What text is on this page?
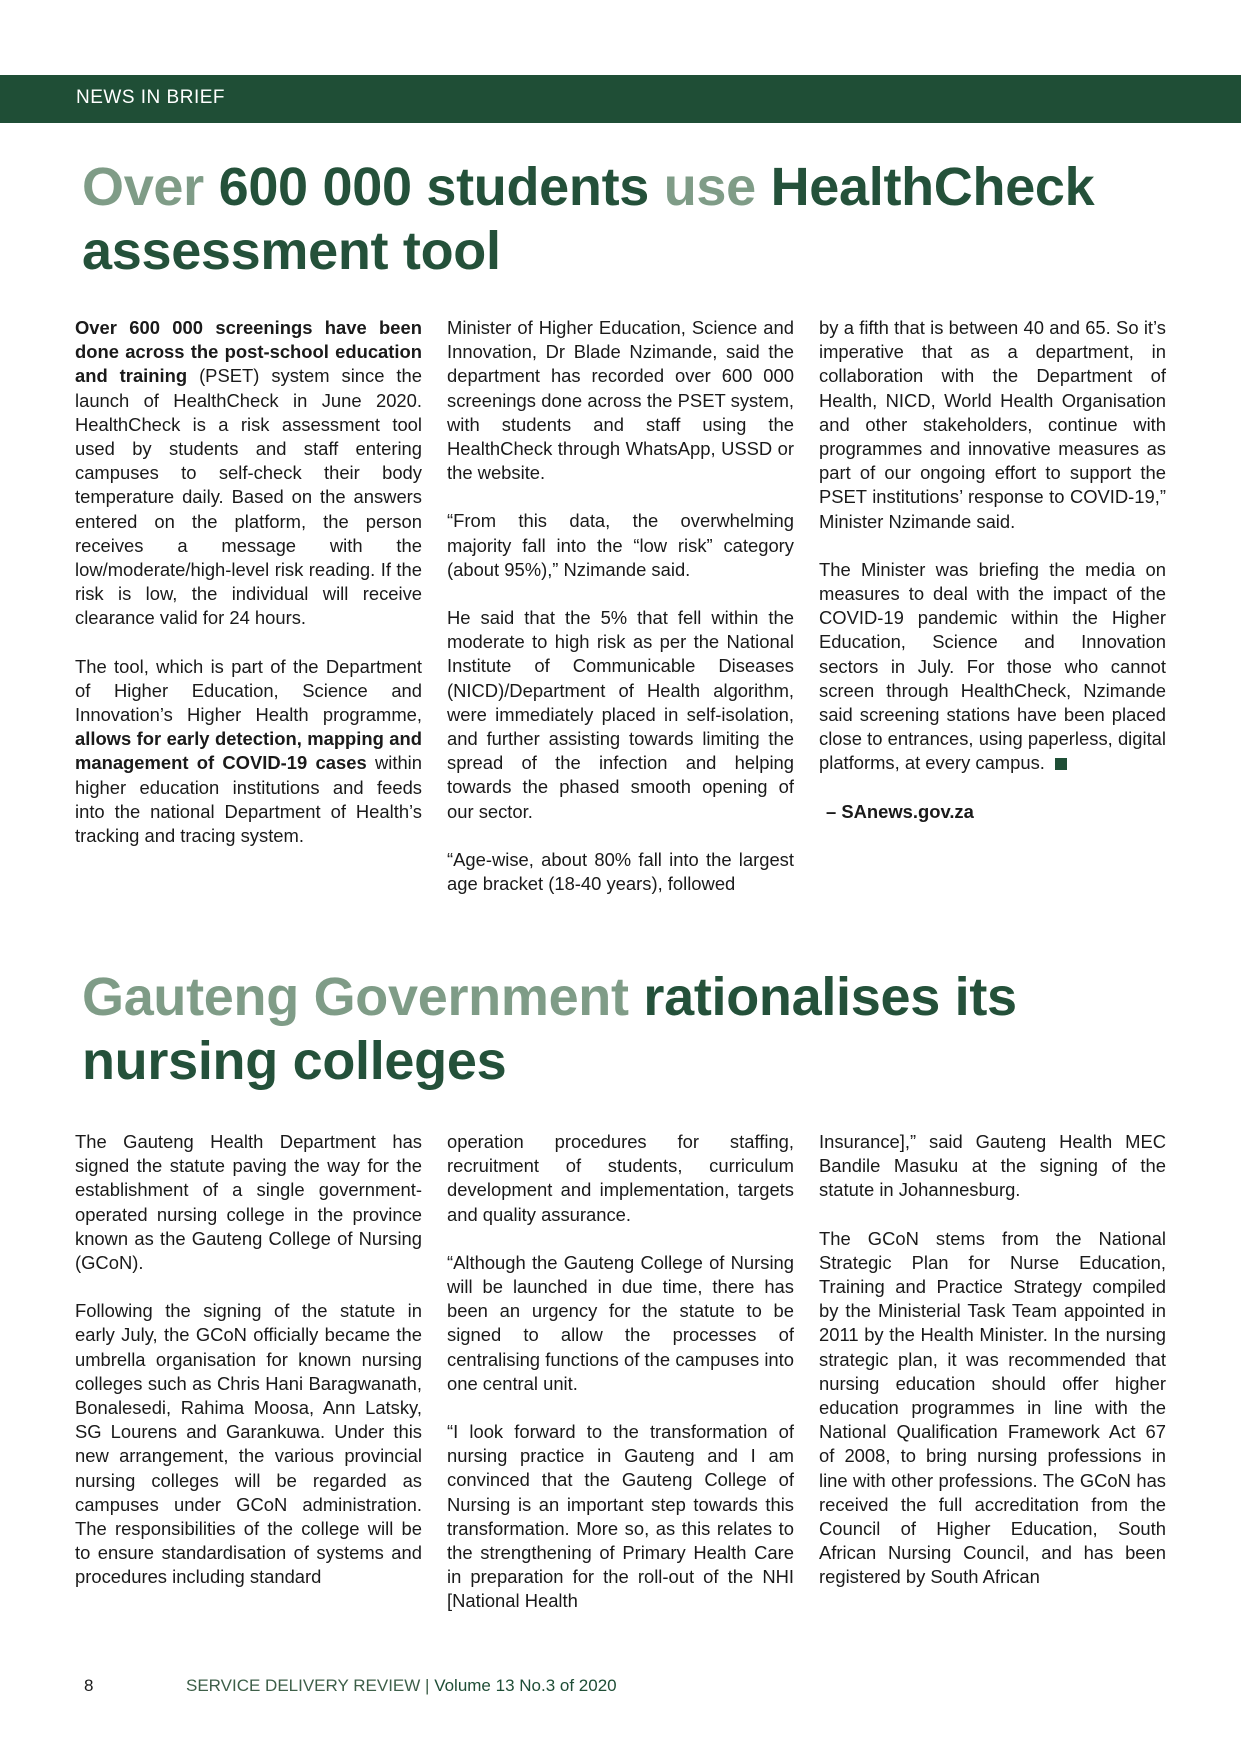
NEWS IN BRIEF
Over 600 000 students use HealthCheck assessment tool

Over 600 000 screenings have been done across the post-school education and training (PSET) system since the launch of HealthCheck in June 2020. HealthCheck is a risk assessment tool used by students and staff entering campuses to self-check their body temperature daily. Based on the answers entered on the platform, the person receives a message with the low/moderate/high-level risk reading. If the risk is low, the individual will receive clearance valid for 24 hours.

The tool, which is part of the Department of Higher Education, Science and Innovation’s Higher Health programme, allows for early detection, mapping and management of COVID-19 cases within higher education institutions and feeds into the national Department of Health’s tracking and tracing system.

Minister of Higher Education, Science and Innovation, Dr Blade Nzimande, said the department has recorded over 600 000 screenings done across the PSET system, with students and staff using the HealthCheck through WhatsApp, USSD or the website.

“From this data, the overwhelming majority fall into the “low risk” category (about 95%),” Nzimande said.

He said that the 5% that fell within the moderate to high risk as per the National Institute of Communicable Diseases (NICD)/Department of Health algorithm, were immediately placed in self-isolation, and further assisting towards limiting the spread of the infection and helping towards the phased smooth opening of our sector.

“Age-wise, about 80% fall into the largest age bracket (18-40 years), followed

by a fifth that is between 40 and 65. So it’s imperative that as a department, in collaboration with the Department of Health, NICD, World Health Organisation and other stakeholders, continue with programmes and innovative measures as part of our ongoing effort to support the PSET institutions’ response to COVID-19,” Minister Nzimande said.

The Minister was briefing the media on measures to deal with the impact of the COVID-19 pandemic within the Higher Education, Science and Innovation sectors in July. For those who cannot screen through HealthCheck, Nzimande said screening stations have been placed close to entrances, using paperless, digital platforms, at every campus.

– SAnews.gov.za

Gauteng Government rationalises its nursing colleges

The Gauteng Health Department has signed the statute paving the way for the establishment of a single government-operated nursing college in the province known as the Gauteng College of Nursing (GCoN).

Following the signing of the statute in early July, the GCoN officially became the umbrella organisation for known nursing colleges such as Chris Hani Baragwanath, Bonalesedi, Rahima Moosa, Ann Latsky, SG Lourens and Garankuwa. Under this new arrangement, the various provincial nursing colleges will be regarded as campuses under GCoN administration. The responsibilities of the college will be to ensure standardisation of systems and procedures including standard

operation procedures for staffing, recruitment of students, curriculum development and implementation, targets and quality assurance.

“Although the Gauteng College of Nursing will be launched in due time, there has been an urgency for the statute to be signed to allow the processes of centralising functions of the campuses into one central unit.

“I look forward to the transformation of nursing practice in Gauteng and I am convinced that the Gauteng College of Nursing is an important step towards this transformation. More so, as this relates to the strengthening of Primary Health Care in preparation for the roll-out of the NHI [National Health

Insurance],” said Gauteng Health MEC Bandile Masuku at the signing of the statute in Johannesburg.

The GCoN stems from the National Strategic Plan for Nurse Education, Training and Practice Strategy compiled by the Ministerial Task Team appointed in 2011 by the Health Minister. In the nursing strategic plan, it was recommended that nursing education should offer higher education programmes in line with the National Qualification Framework Act 67 of 2008, to bring nursing professions in line with other professions. The GCoN has received the full accreditation from the Council of Higher Education, South African Nursing Council, and has been registered by South African

8	SERVICE DELIVERY REVIEW | Volume 13 No.3 of 2020
